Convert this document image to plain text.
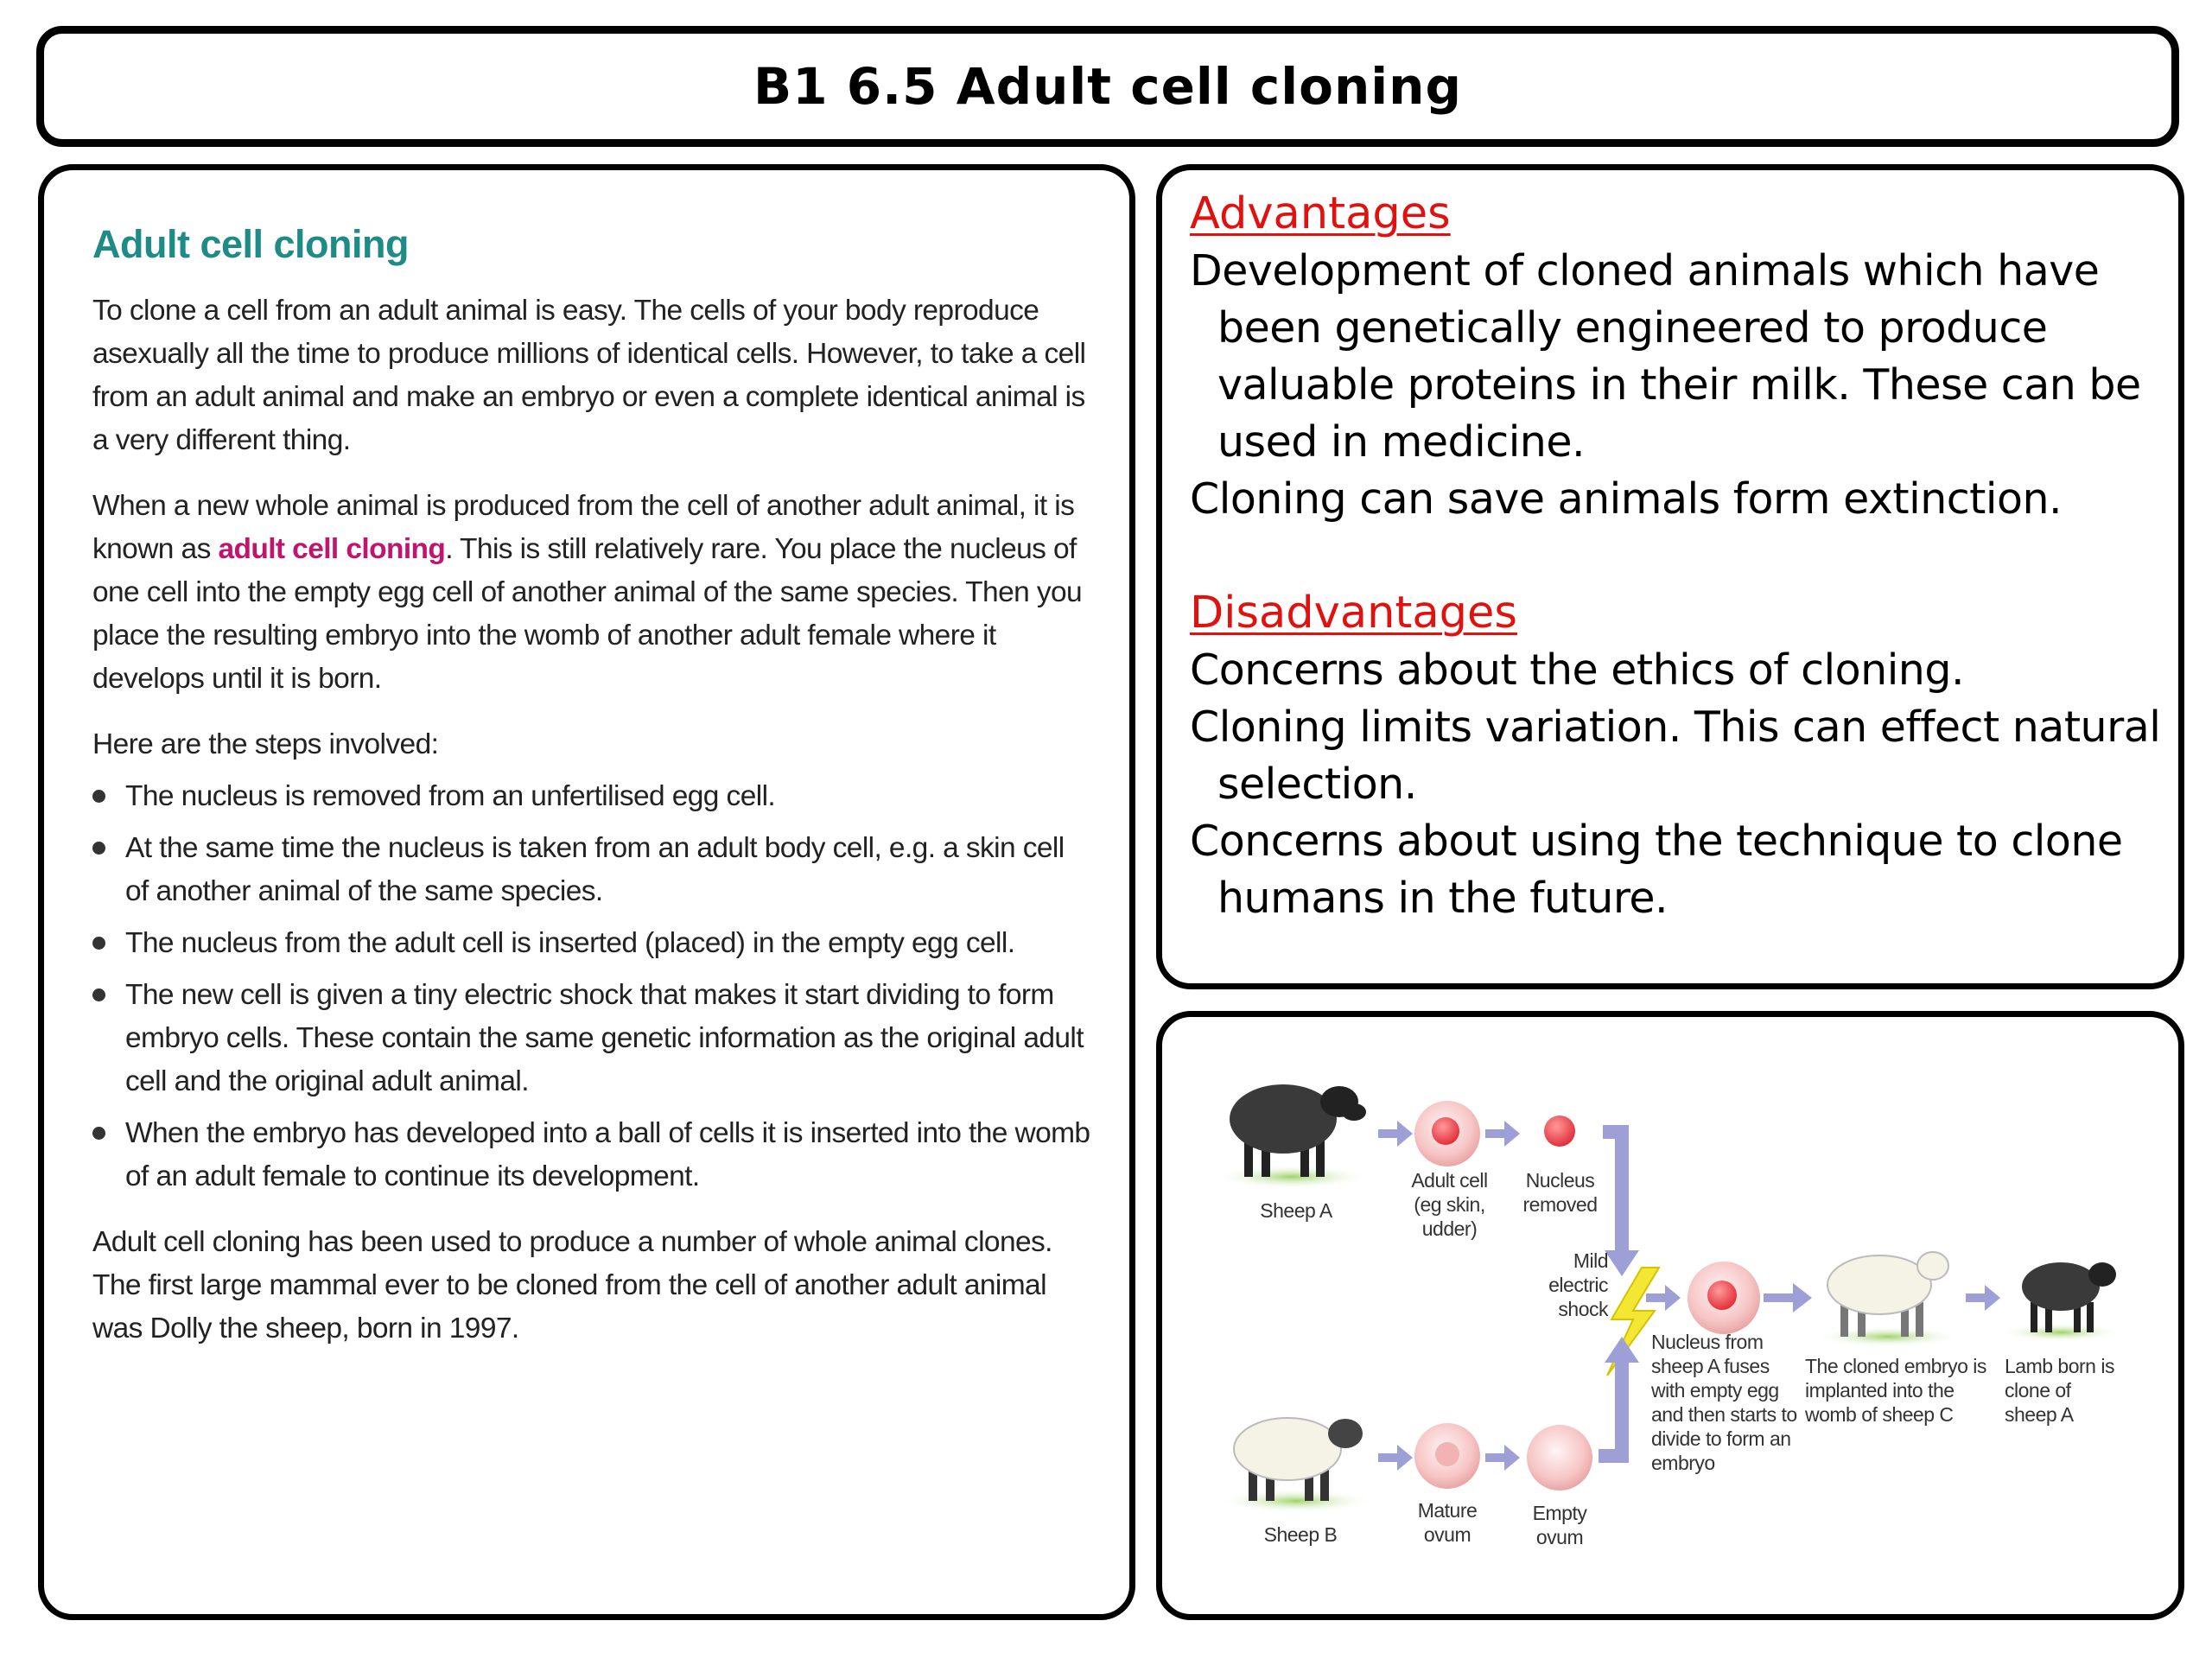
B1 6.5 Adult cell cloning
Adult cell cloning

To clone a cell from an adult animal is easy. The cells of your body reproduce asexually all the time to produce millions of identical cells. However, to take a cell from an adult animal and make an embryo or even a complete identical animal is a very different thing.

When a new whole animal is produced from the cell of another adult animal, it is known as adult cell cloning. This is still relatively rare. You place the nucleus of one cell into the empty egg cell of another animal of the same species. Then you place the resulting embryo into the womb of another adult female where it develops until it is born.

Here are the steps involved:

The nucleus is removed from an unfertilised egg cell.
At the same time the nucleus is taken from an adult body cell, e.g. a skin cell of another animal of the same species.
The nucleus from the adult cell is inserted (placed) in the empty egg cell.
The new cell is given a tiny electric shock that makes it start dividing to form embryo cells. These contain the same genetic information as the original adult cell and the original adult animal.
When the embryo has developed into a ball of cells it is inserted into the womb of an adult female to continue its development.

Adult cell cloning has been used to produce a number of whole animal clones. The first large mammal ever to be cloned from the cell of another adult animal was Dolly the sheep, born in 1997.

Advantages
Development of cloned animals which have been genetically engineered to produce valuable proteins in their milk. These can be used in medicine.
Cloning can save animals form extinction.
Disadvantages
Concerns about the ethics of cloning.
Cloning limits variation. This can effect natural selection.
Concerns about using the technique to clone humans in the future.
Sheep A
Adult cell (eg skin, udder)
Nucleus removed
Mild electric shock
Nucleus from sheep A fuses with empty egg and then starts to divide to form an embryo
The cloned embryo is implanted into the womb of sheep C
Lamb born is clone of sheep A
Sheep B
Mature ovum
Empty ovum
